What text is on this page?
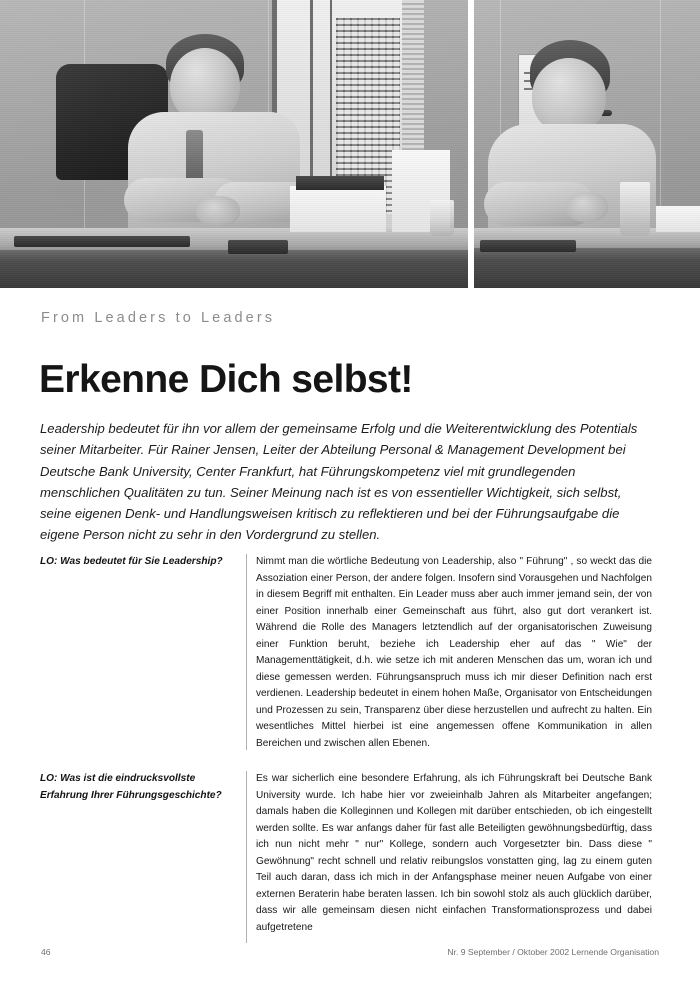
From Leaders to Leaders
Erkenne Dich selbst!

Leadership bedeutet für ihn vor allem der gemeinsame Erfolg und die Weiterentwicklung des Potentials seiner Mitarbeiter. Für Rainer Jensen, Leiter der Abteilung Personal & Management Development bei Deutsche Bank University, Center Frankfurt, hat Führungskompetenz viel mit grundlegenden menschlichen Qualitäten zu tun. Seiner Meinung nach ist es von essentieller Wichtigkeit, sich selbst, seine eigenen Denk- und Handlungsweisen kritisch zu reflektieren und bei der Führungsaufgabe die eigene Person nicht zu sehr in den Vordergrund zu stellen.

LO: Was bedeutet für Sie Leadership?	Nimmt man die wörtliche Bedeutung von Leadership, also " Führung" , so weckt das die Assoziation einer Person, der andere folgen. Insofern sind Vorausgehen und Nachfolgen in diesem Begriff mit enthalten. Ein Leader muss aber auch immer jemand sein, der von einer Position innerhalb einer Gemeinschaft aus führt, also gut dort verankert ist. Während die Rolle des Managers letztendlich auf der organisatorischen Zuweisung einer Funktion beruht, beziehe ich Leadership eher auf das " Wie" der Managementtätigkeit, d.h. wie setze ich mit anderen Menschen das um, woran ich und diese gemessen werden. Führungsanspruch muss ich mir dieser Definition nach erst verdienen. Leadership bedeutet in einem hohen Maße, Organisator von Entscheidungen und Prozessen zu sein, Transparenz über diese herzustellen und aufrecht zu halten. Ein wesentliches Mittel hierbei ist eine angemessen offene Kommunikation in allen Bereichen und zwischen allen Ebenen.
LO: Was ist die eindrucksvollste Erfahrung Ihrer Führungsgeschichte?
Es war sicherlich eine besondere Erfahrung, als ich Führungskraft bei Deutsche Bank University wurde. Ich habe hier vor zweieinhalb Jahren als Mitarbeiter angefangen; damals haben die Kolleginnen und Kollegen mit darüber entschieden, ob ich eingestellt werden sollte. Es war anfangs daher für fast alle Beteiligten gewöhnungsbedürftig, dass ich nun nicht mehr " nur" Kollege, sondern auch Vorgesetzter bin. Dass diese " Gewöhnung" recht schnell und relativ reibungslos vonstatten ging, lag zu einem guten Teil auch daran, dass ich mich in der Anfangsphase meiner neuen Aufgabe von einer externen Beraterin habe beraten lassen. Ich bin sowohl stolz als auch glücklich darüber, dass wir alle gemeinsam diesen nicht einfachen Transformationsprozess und dabei aufgetretene
46	Nr. 9 September / Oktober 2002 Lernende Organisation
